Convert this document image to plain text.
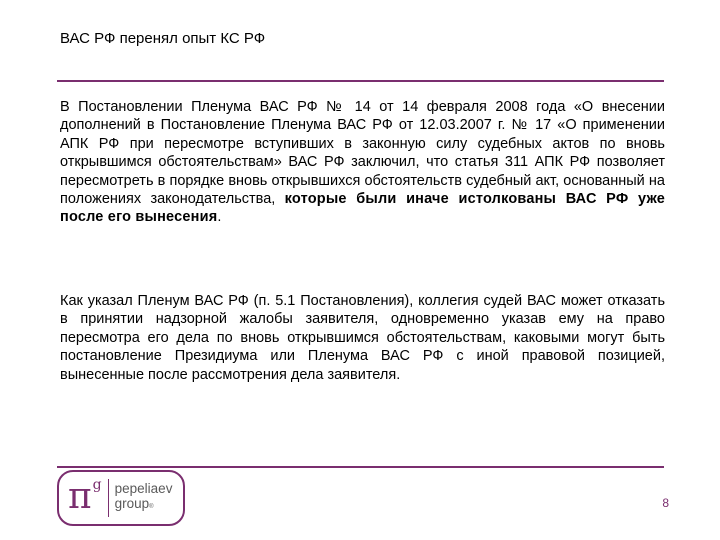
ВАС РФ перенял опыт КС РФ

В Постановлении Пленума ВАС РФ № 14 от 14 февраля 2008 года «О внесении дополнений в Постановление Пленума ВАС РФ от 12.03.2007 г. № 17 «О применении АПК РФ при пересмотре вступивших в законную силу судебных актов по вновь открывшимся обстоятельствам» ВАС РФ заключил, что статья 311 АПК РФ позволяет пересмотреть в порядке вновь открывшихся обстоятельств судебный акт, основанный на положениях законодательства, которые были иначе истолкованы ВАС РФ уже после его вынесения.

Как указал Пленум ВАС РФ (п. 5.1 Постановления), коллегия судей ВАС может отказать в принятии надзорной жалобы заявителя, одновременно указав ему на право пересмотра его дела по вновь открывшимся обстоятельствам, каковыми могут быть постановление Президиума или Пленума ВАС РФ с иной правовой позицией, вынесенные после рассмотрения дела заявителя.

π g pepeliaev
group®	8
